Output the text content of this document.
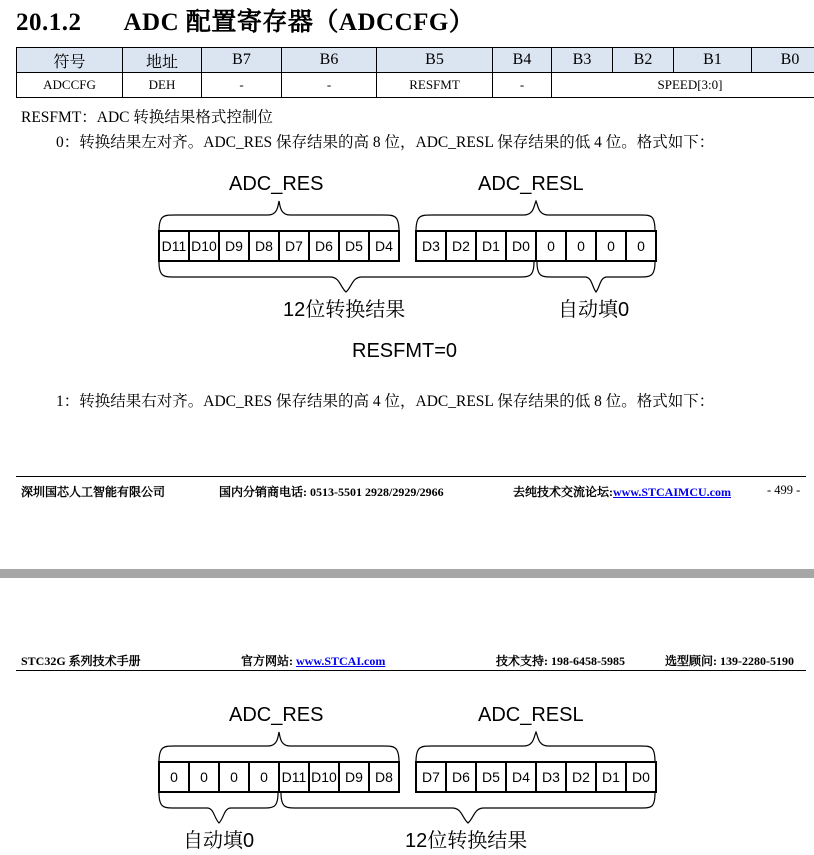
20.1.2 ADC 配置寄存器（ADCCFG）
符号	地址	B7	B6	B5	B4	B3	B2	B1	B0
ADCCFG	DEH	-	-	RESFMT	-	SPEED[3:0]			
RESFMT：ADC 转换结果格式控制位
0：转换结果左对齐。ADC_RES 保存结果的高 8 位，ADC_RESL 保存结果的低 4 位。格式如下：
ADC_RES	ADC_RESL
D11 D10 D9 D8 D7 D6 D5 D4	D3 D2 D1 D0	0	0	0	0
12位转换结果	自动填0
RESFMT=0
1：转换结果右对齐。ADC_RES 保存结果的高 4 位，ADC_RESL 保存结果的低 8 位。格式如下：
深圳国芯人工智能有限公司	国内分销商电话: 0513-5501 2928/2929/2966	去纯技术交流论坛:www.STCAIMCU.com	- 499 -
STC32G 系列技术手册	官方网站: www.STCAI.com	技术支持: 198-6458-5985	选型顾问: 139-2280-5190
ADC_RES	ADC_RESL
0	0	0	0 D11 D10 D9 D8	D7 D6 D5 D4 D3 D2 D1 D0
自动填0	12位转换结果
